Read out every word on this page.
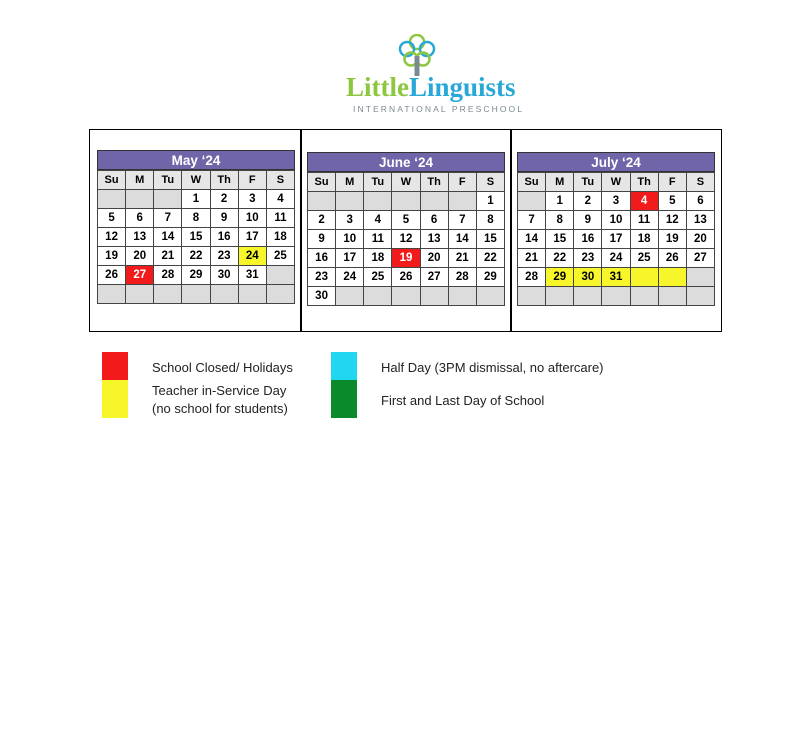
LittleLinguists
INTERNATIONAL PRESCHOOL
May ‘24
Su	M	Tu	W	Th	F	S
			1	2	3	4
5	6	7	8	9	10	11
12	13	14	15	16	17	18
19	20	21	22	23	24	25
26	27	28	29	30	31	

June ‘24
Su	M	Tu	W	Th	F	S
						1
2	3	4	5	6	7	8
9	10	11	12	13	14	15
16	17	18	19	20	21	22
23	24	25	26	27	28	29
30						
July ‘24
Su	M	Tu	W	Th	F	S
	1	2	3	4	5	6
7	8	9	10	11	12	13
14	15	16	17	18	19	20
21	22	23	24	25	26	27
28	29	30	31			

School Closed/ Holidays
Teacher in-Service Day
(no school for students)
Half Day (3PM dismissal, no aftercare)
First and Last Day of School
